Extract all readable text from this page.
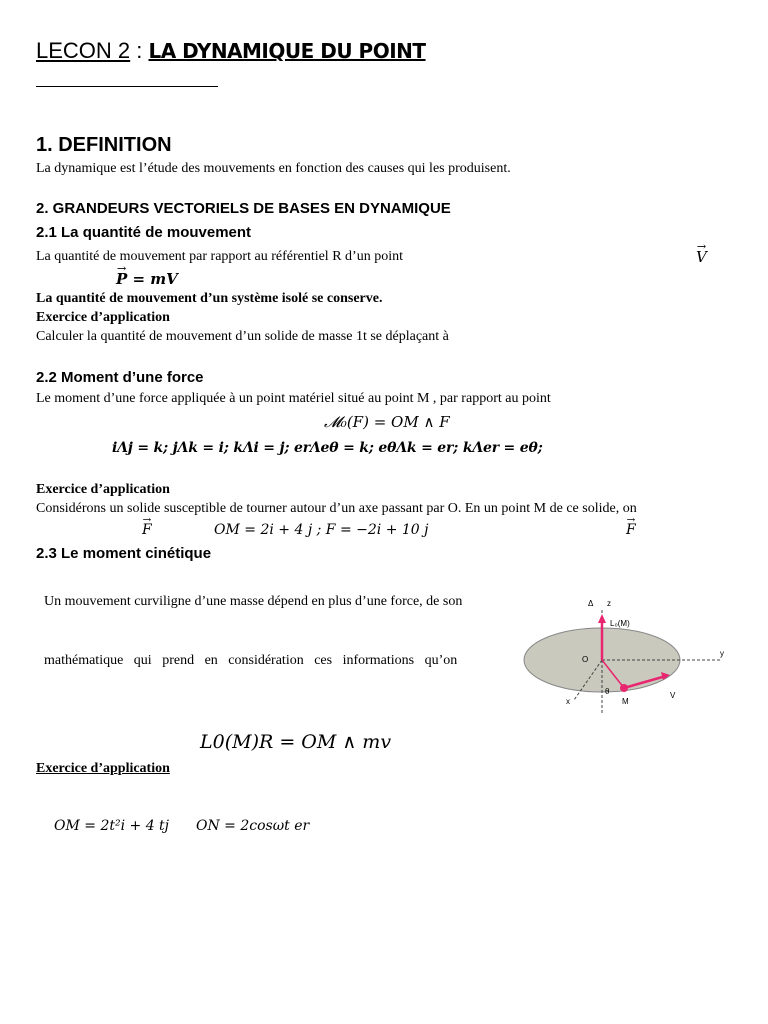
LECON 2 : LA DYNAMIQUE DU POINT
1. DEFINITION
La dynamique est l’étude des mouvements en fonction des causes qui les produisent.
2. GRANDEURS VECTORIELS DE BASES EN DYNAMIQUE
2.1 La quantité de mouvement
La quantité de mouvement par rapport au référentiel R d’un point	→ V
→ P = mV
La quantité de mouvement d’un système isolé se conserve.
Exercice d’application
Calculer la quantité de mouvement d’un solide de masse 1t se déplaçant à
2.2 Moment d’une force
Le moment d’une force appliquée à un point matériel situé au point M , par rapport au point
𝓜₀(F) = OM ∧ F
iΛj = k; jΛk = i; kΛi = j; erΛeθ = k; eθΛk = er; kΛer = eθ;
Exercice d’application
Considérons un solide susceptible de tourner autour d’un axe passant par O. En un point M de ce solide, on
→ F	OM = 2i + 4 j ; F = −2i + 10 j	→ F
2.3 Le moment cinétique
Un mouvement curviligne d’une masse dépend en plus d’une force, de son
mathématique   qui   prend   en   considération   ces   informations   qu’on
L0(M)R = OM ∧ mv
Exercice d’application
OM = 2t²i + 4 tj ON = 2cosωt er
Δ z
L₀(M)
O
y
x
θ
M
V
